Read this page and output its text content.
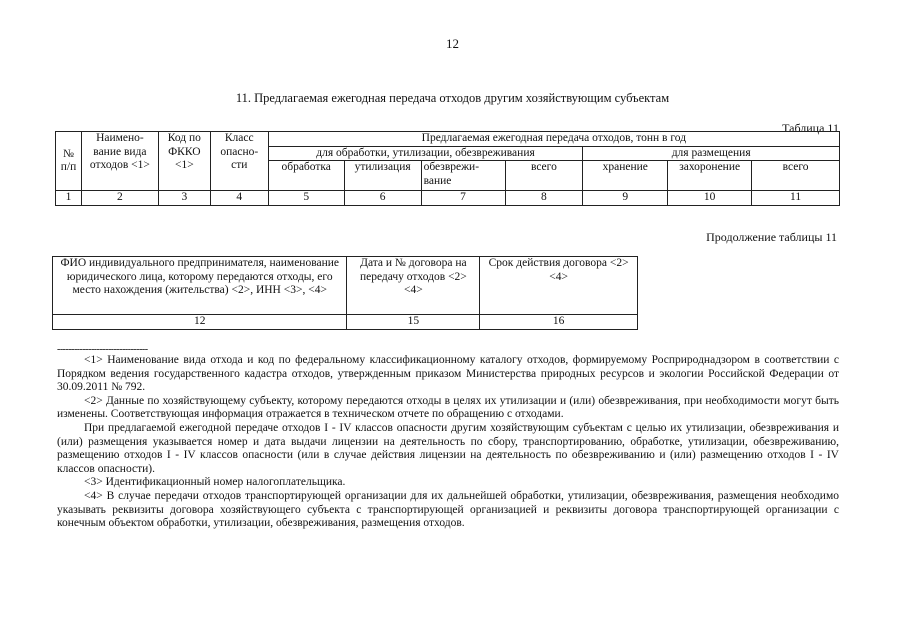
12
11. Предлагаемая ежегодная передача отходов другим хозяйствующим субъектам
Таблица 11
№ п/п	Наимено-вание вида отходов <1>	Код по ФККО <1>	Класс опасно-сти	Предлагаемая ежегодная передача отходов, тонн в год						
				для обработки, утилизации, обезвреживания				для размещения		
				обработка	утилизация	обезврежи-вание	всего	хранение	захоронение	всего
1	2	3	4	5	6	7	8	9	10	11
Продолжение таблицы 11
ФИО индивидуального предпринимателя, наименование юридического лица, которому передаются отходы, его место нахождения (жительства) <2>, ИНН <3>, <4>	Дата и № договора на передачу отходов <2> <4>	Срок действия договора <2> <4>
12	15	16
--------------------------------

<1> Наименование вида отхода и код по федеральному классификационному каталогу отходов, формируемому Росприроднадзором в соответствии с Порядком ведения государственного кадастра отходов, утвержденным приказом Министерства природных ресурсов и экологии Российской Федерации от 30.09.2011 № 792.

<2> Данные по хозяйствующему субъекту, которому передаются отходы в целях их утилизации и (или) обезвреживания, при необходимости могут быть изменены. Соответствующая информация отражается в техническом отчете по обращению с отходами.

При предлагаемой ежегодной передаче отходов I - IV классов опасности другим хозяйствующим субъектам с целью их утилизации, обезвреживания и (или) размещения указывается номер и дата выдачи лицензии на деятельность по сбору, транспортированию, обработке, утилизации, обезвреживанию, размещению отходов I - IV классов опасности (или в случае действия лицензии на деятельность по обезвреживанию и (или) размещению отходов I - IV классов опасности).

<3> Идентификационный номер налогоплательщика.

<4> В случае передачи отходов транспортирующей организации для их дальнейшей обработки, утилизации, обезвреживания, размещения необходимо указывать реквизиты договора хозяйствующего субъекта с транспортирующей организацией и реквизиты договора транспортирующей организации с конечным объектом обработки, утилизации, обезвреживания, размещения отходов.
